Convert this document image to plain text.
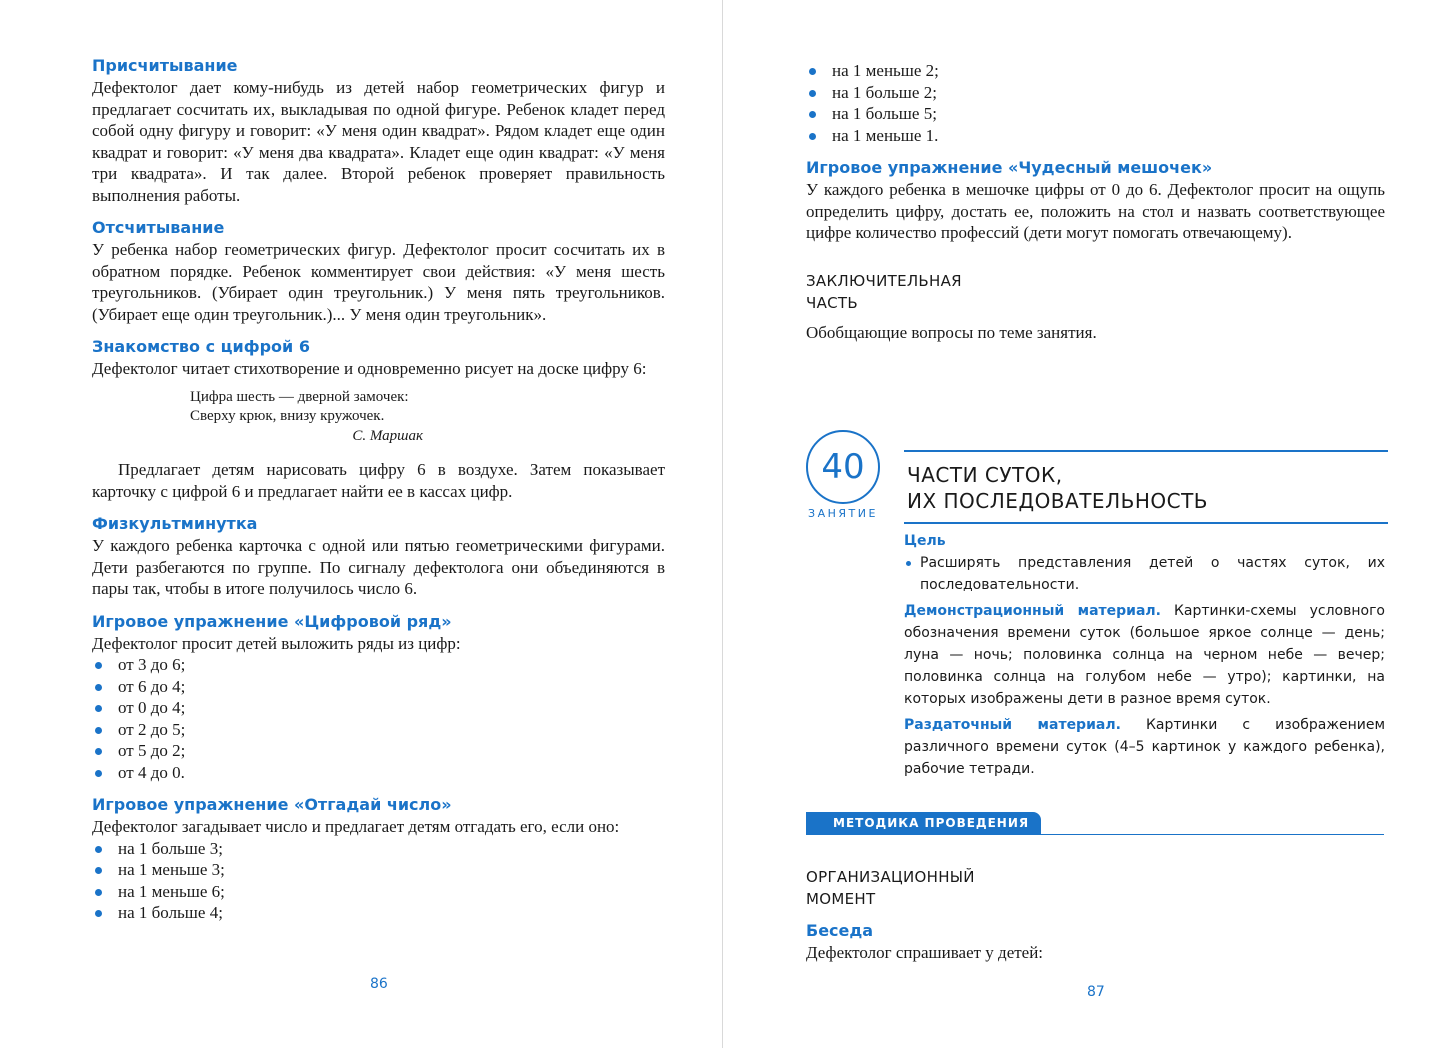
Присчитывание

Дефектолог дает кому-нибудь из детей набор геометрических фигур и предлагает сосчитать их, выкладывая по одной фигуре. Ребенок кладет перед собой одну фигуру и говорит: «У меня один квадрат». Рядом кладет еще один квадрат и говорит: «У меня два квадрата». Кладет еще один квадрат: «У меня три квадрата». И так далее. Второй ребенок проверяет правильность выполнения работы.

Отсчитывание

У ребенка набор геометрических фигур. Дефектолог просит сосчитать их в обратном порядке. Ребенок комментирует свои действия: «У меня шесть треугольников. (Убирает один треугольник.) У меня пять треугольников. (Убирает еще один треугольник.)... У меня один треугольник».

Знакомство с цифрой 6

Дефектолог читает стихотворение и одновременно рисует на доске цифру 6:

Цифра шесть — дверной замочек:
Сверху крюк, внизу кружочек.
С. Маршак

Предлагает детям нарисовать цифру 6 в воздухе. Затем показывает карточку с цифрой 6 и предлагает найти ее в кассах цифр.

Физкультминутка

У каждого ребенка карточка с одной или пятью геометрическими фигурами. Дети разбегаются по группе. По сигналу дефектолога они объединяются в пары так, чтобы в итоге получилось число 6.

Игровое упражнение «Цифровой ряд»

Дефектолог просит детей выложить ряды из цифр:

от 3 до 6;
от 6 до 4;
от 0 до 4;
от 2 до 5;
от 5 до 2;
от 4 до 0.

Игровое упражнение «Отгадай число»

Дефектолог загадывает число и предлагает детям отгадать его, если оно:

на 1 больше 3;
на 1 меньше 3;
на 1 меньше 6;
на 1 больше 4;
86
на 1 меньше 2;
на 1 больше 2;
на 1 больше 5;
на 1 меньше 1.

Игровое упражнение «Чудесный мешочек»

У каждого ребенка в мешочке цифры от 0 до 6. Дефектолог просит на ощупь определить цифру, достать ее, положить на стол и назвать соответствующее цифре количество профессий (дети могут помогать отвечающему).

ЗАКЛЮЧИТЕЛЬНАЯ

ЧАСТЬ

Обобщающие вопросы по теме занятия.

40
ЗАНЯТИЕ
ЧАСТИ СУТОК,
ИХ ПОСЛЕДОВАТЕЛЬНОСТЬ

Цель

Расширять представления детей о частях суток, их последовательности.

Демонстрационный материал. Картинки-схемы условного обозначения времени суток (большое яркое солнце — день; луна — ночь; половинка солнца на черном небе — вечер; половинка солнца на голубом небе — утро); картинки, на которых изображены дети в разное время суток.

Раздаточный материал. Картинки с изображением различного времени суток (4–5 картинок у каждого ребенка), рабочие тетради.

МЕТОДИКА ПРОВЕДЕНИЯ

ОРГАНИЗАЦИОННЫЙ

МОМЕНТ

Беседа

Дефектолог спрашивает у детей:

87
